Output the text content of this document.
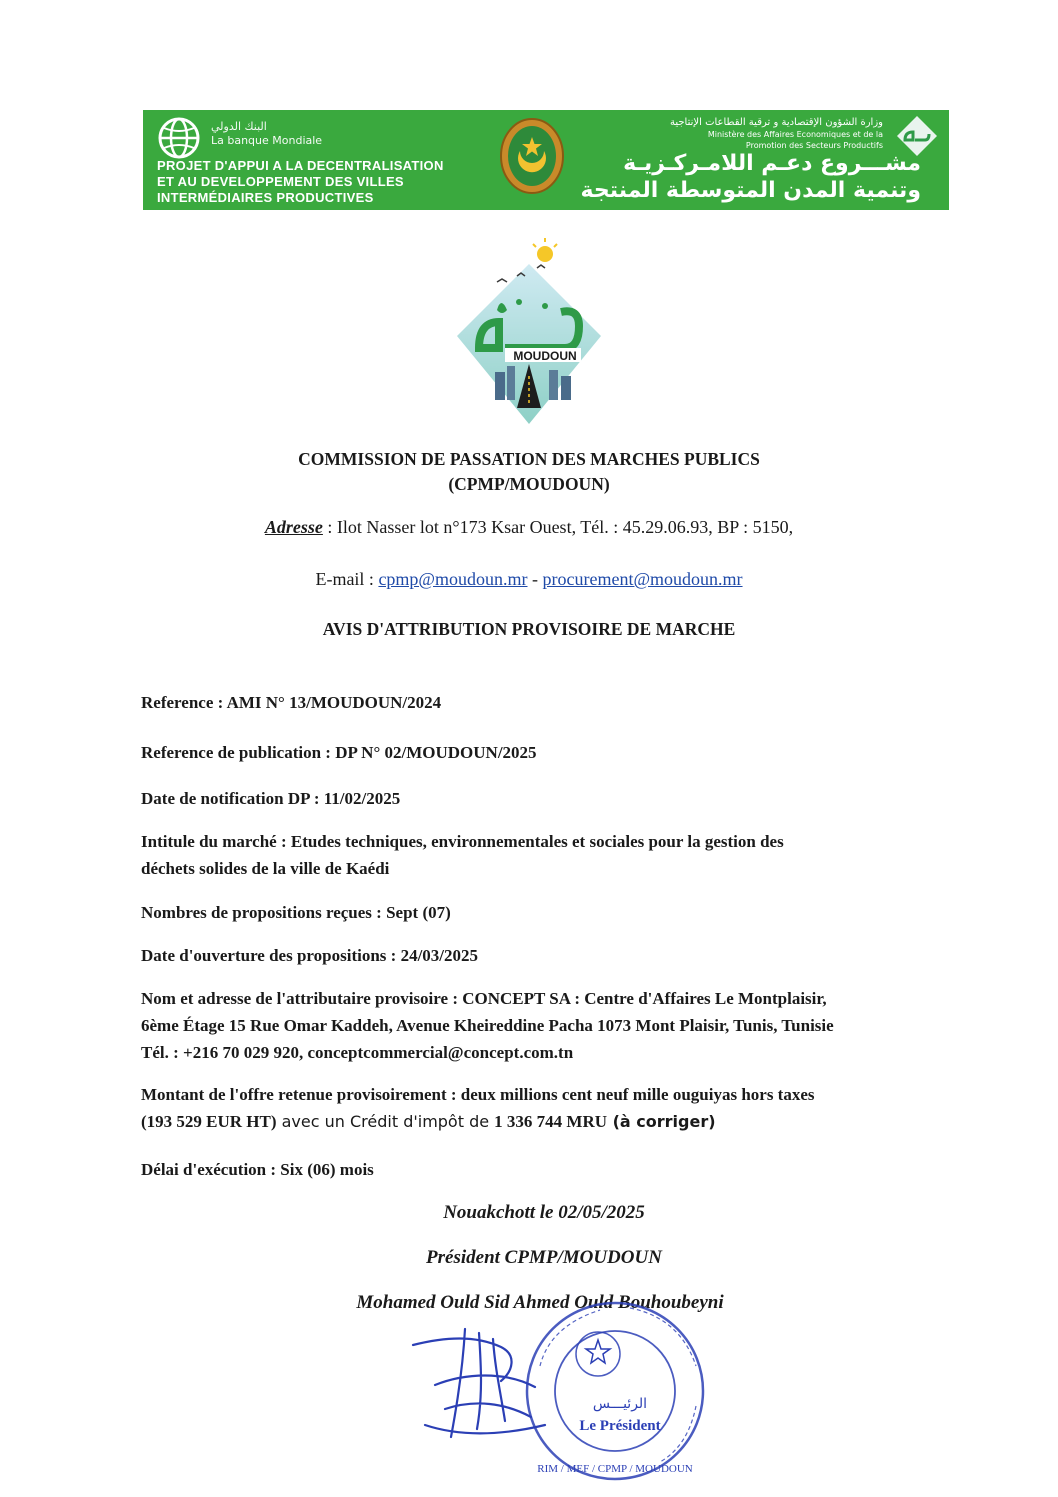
البنك الدولي
La banque Mondiale
PROJET D'APPUI A LA DECENTRALISATION
ET AU DEVELOPPEMENT DES VILLES
INTERMÉDIAIRES PRODUCTIVES
وزارة الشؤون الإقتصادية و ترقية القطاعات الإنتاجية
Ministère des Affaires Economiques et de la
Promotion des Secteurs Productifs
مشـــروع دعـم اللامـركـزيـة
وتنمية المدن المتوسطة المنتجة
MOUDOUN
COMMISSION DE PASSATION DES MARCHES PUBLICS
(CPMP/MOUDOUN)
Adresse : Ilot Nasser lot n°173 Ksar Ouest, Tél. : 45.29.06.93, BP : 5150,
E-mail : cpmp@moudoun.mr - procurement@moudoun.mr
AVIS D'ATTRIBUTION PROVISOIRE DE MARCHE
Reference : AMI N° 13/MOUDOUN/2024
Reference de publication : DP N° 02/MOUDOUN/2025
Date de notification DP : 11/02/2025
Intitule du marché : Etudes techniques, environnementales et sociales pour la gestion des
déchets solides de la ville de Kaédi
Nombres de propositions reçues : Sept (07)
Date d'ouverture des propositions : 24/03/2025
Nom et adresse de l'attributaire provisoire : CONCEPT SA : Centre d'Affaires Le Montplaisir,
6ème Étage 15 Rue Omar Kaddeh, Avenue Kheireddine Pacha 1073 Mont Plaisir, Tunis, Tunisie
Tél. : +216 70 029 920, conceptcommercial@concept.com.tn
Montant de l'offre retenue provisoirement : deux millions cent neuf mille ouguiyas hors taxes
(193 529 EUR HT) avec un Crédit d'impôt de 1 336 744 MRU (à corriger)
Délai d'exécution : Six (06) mois
Nouakchott le 02/05/2025
Président CPMP/MOUDOUN
Mohamed Ould Sid Ahmed Ould Bouhoubeyni
الرئيـــس
Le Président
RIM / MEF / CPMP / MOUDOUN
